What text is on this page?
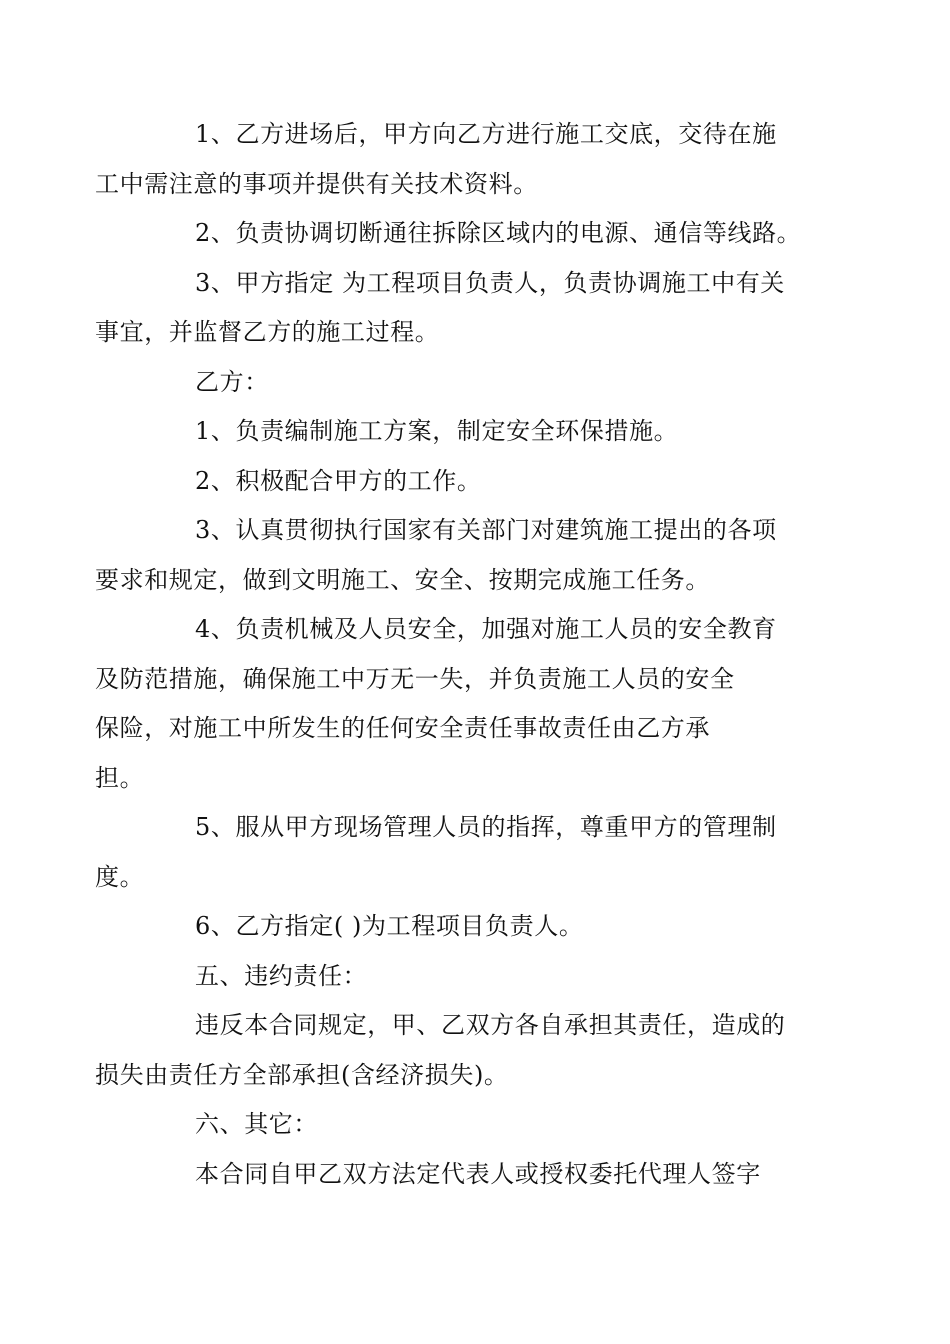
1、乙方进场后，甲方向乙方进行施工交底，交待在施
工中需注意的事项并提供有关技术资料。

2、负责协调切断通往拆除区域内的电源、通信等线路。

3、甲方指定 为工程项目负责人，负责协调施工中有关
事宜，并监督乙方的施工过程。

乙方：

1、负责编制施工方案，制定安全环保措施。

2、积极配合甲方的工作。

3、认真贯彻执行国家有关部门对建筑施工提出的各项
要求和规定，做到文明施工、安全、按期完成施工任务。

4、负责机械及人员安全，加强对施工人员的安全教育
及防范措施，确保施工中万无一失，并负责施工人员的安全
保险，对施工中所发生的任何安全责任事故责任由乙方承
担。

5、服从甲方现场管理人员的指挥，尊重甲方的管理制
度。

6、乙方指定( )为工程项目负责人。

五、违约责任：

违反本合同规定，甲、乙双方各自承担其责任，造成的
损失由责任方全部承担(含经济损失)。

六、其它：

本合同自甲乙双方法定代表人或授权委托代理人签字
